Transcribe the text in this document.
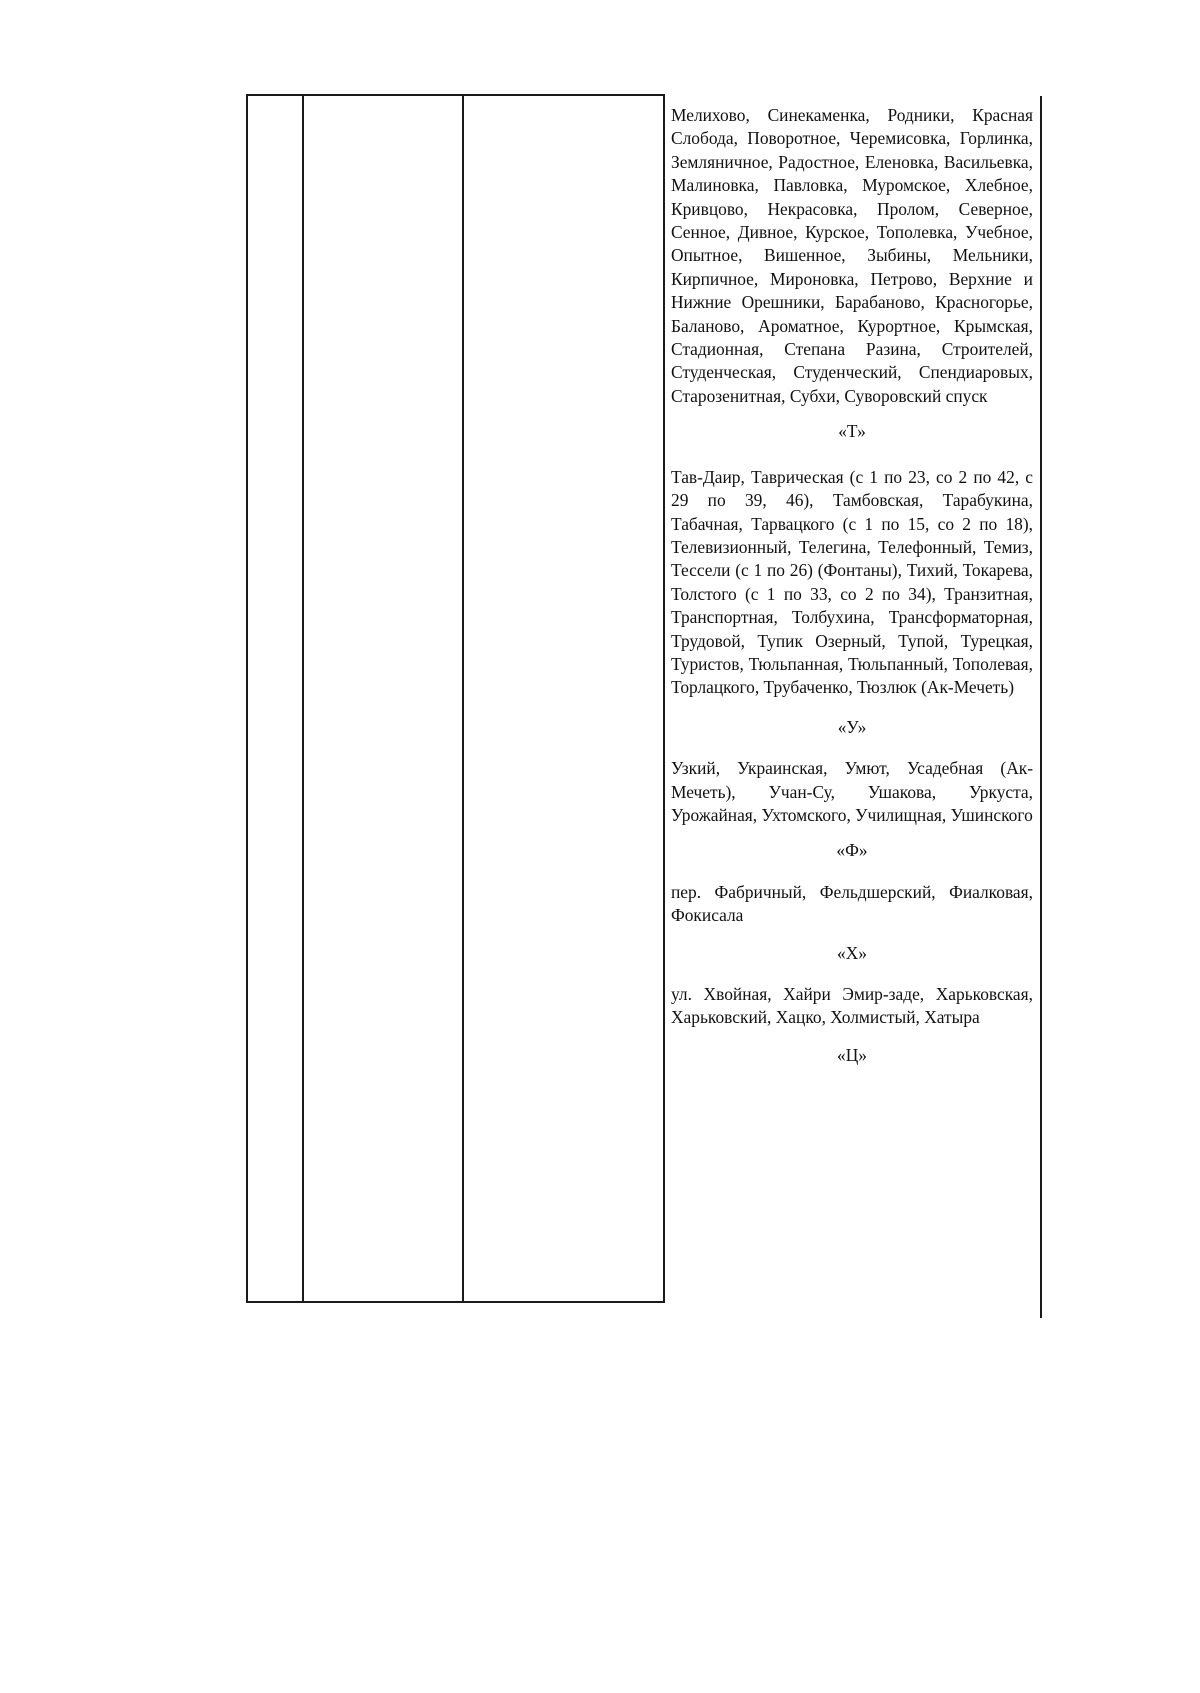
Мелихово, Синекаменка, Родники, Красная Слобода, Поворотное, Черемисовка, Горлинка, Земляничное, Радостное, Еленовка, Васильевка, Малиновка, Павловка, Муромское, Хлебное, Кривцово, Некрасовка, Пролом, Северное, Сенное, Дивное, Курское, Тополевка, Учебное, Опытное, Вишенное, Зыбины, Мельники, Кирпичное, Мироновка, Петрово, Верхние и Нижние Орешники, Барабаново, Красногорье, Баланово, Ароматное, Курортное, Крымская, Стадионная, Степана Разина, Строителей, Студенческая, Студенческий, Спендиаровых, Старозенитная, Субхи, Суворовский спуск

«Т»

Тав-Даир, Таврическая (с 1 по 23, со 2 по 42, с 29 по 39, 46), Тамбовская, Тарабукина, Табачная, Тарвацкого (с 1 по 15, со 2 по 18), Телевизионный, Телегина, Телефонный, Темиз, Тессели (с 1 по 26) (Фонтаны), Тихий, Токарева, Толстого (с 1 по 33, со 2 по 34), Транзитная, Транспортная, Толбухина, Трансформаторная, Трудовой, Тупик Озерный, Тупой, Турецкая, Туристов, Тюльпанная, Тюльпанный, Тополевая, Торлацкого, Трубаченко, Тюзлюк (Ак-Мечеть)

«У»

Узкий, Украинская, Умют, Усадебная (Ак-Мечеть), Учан-Су, Ушакова, Уркуста, Урожайная, Ухтомского, Училищная, Ушинского

«Ф»

пер. Фабричный, Фельдшерский, Фиалковая, Фокисала

«Х»

ул. Хвойная, Хайри Эмир-заде, Харьковская, Харьковский, Хацко, Холмистый, Хатыра

«Ц»
